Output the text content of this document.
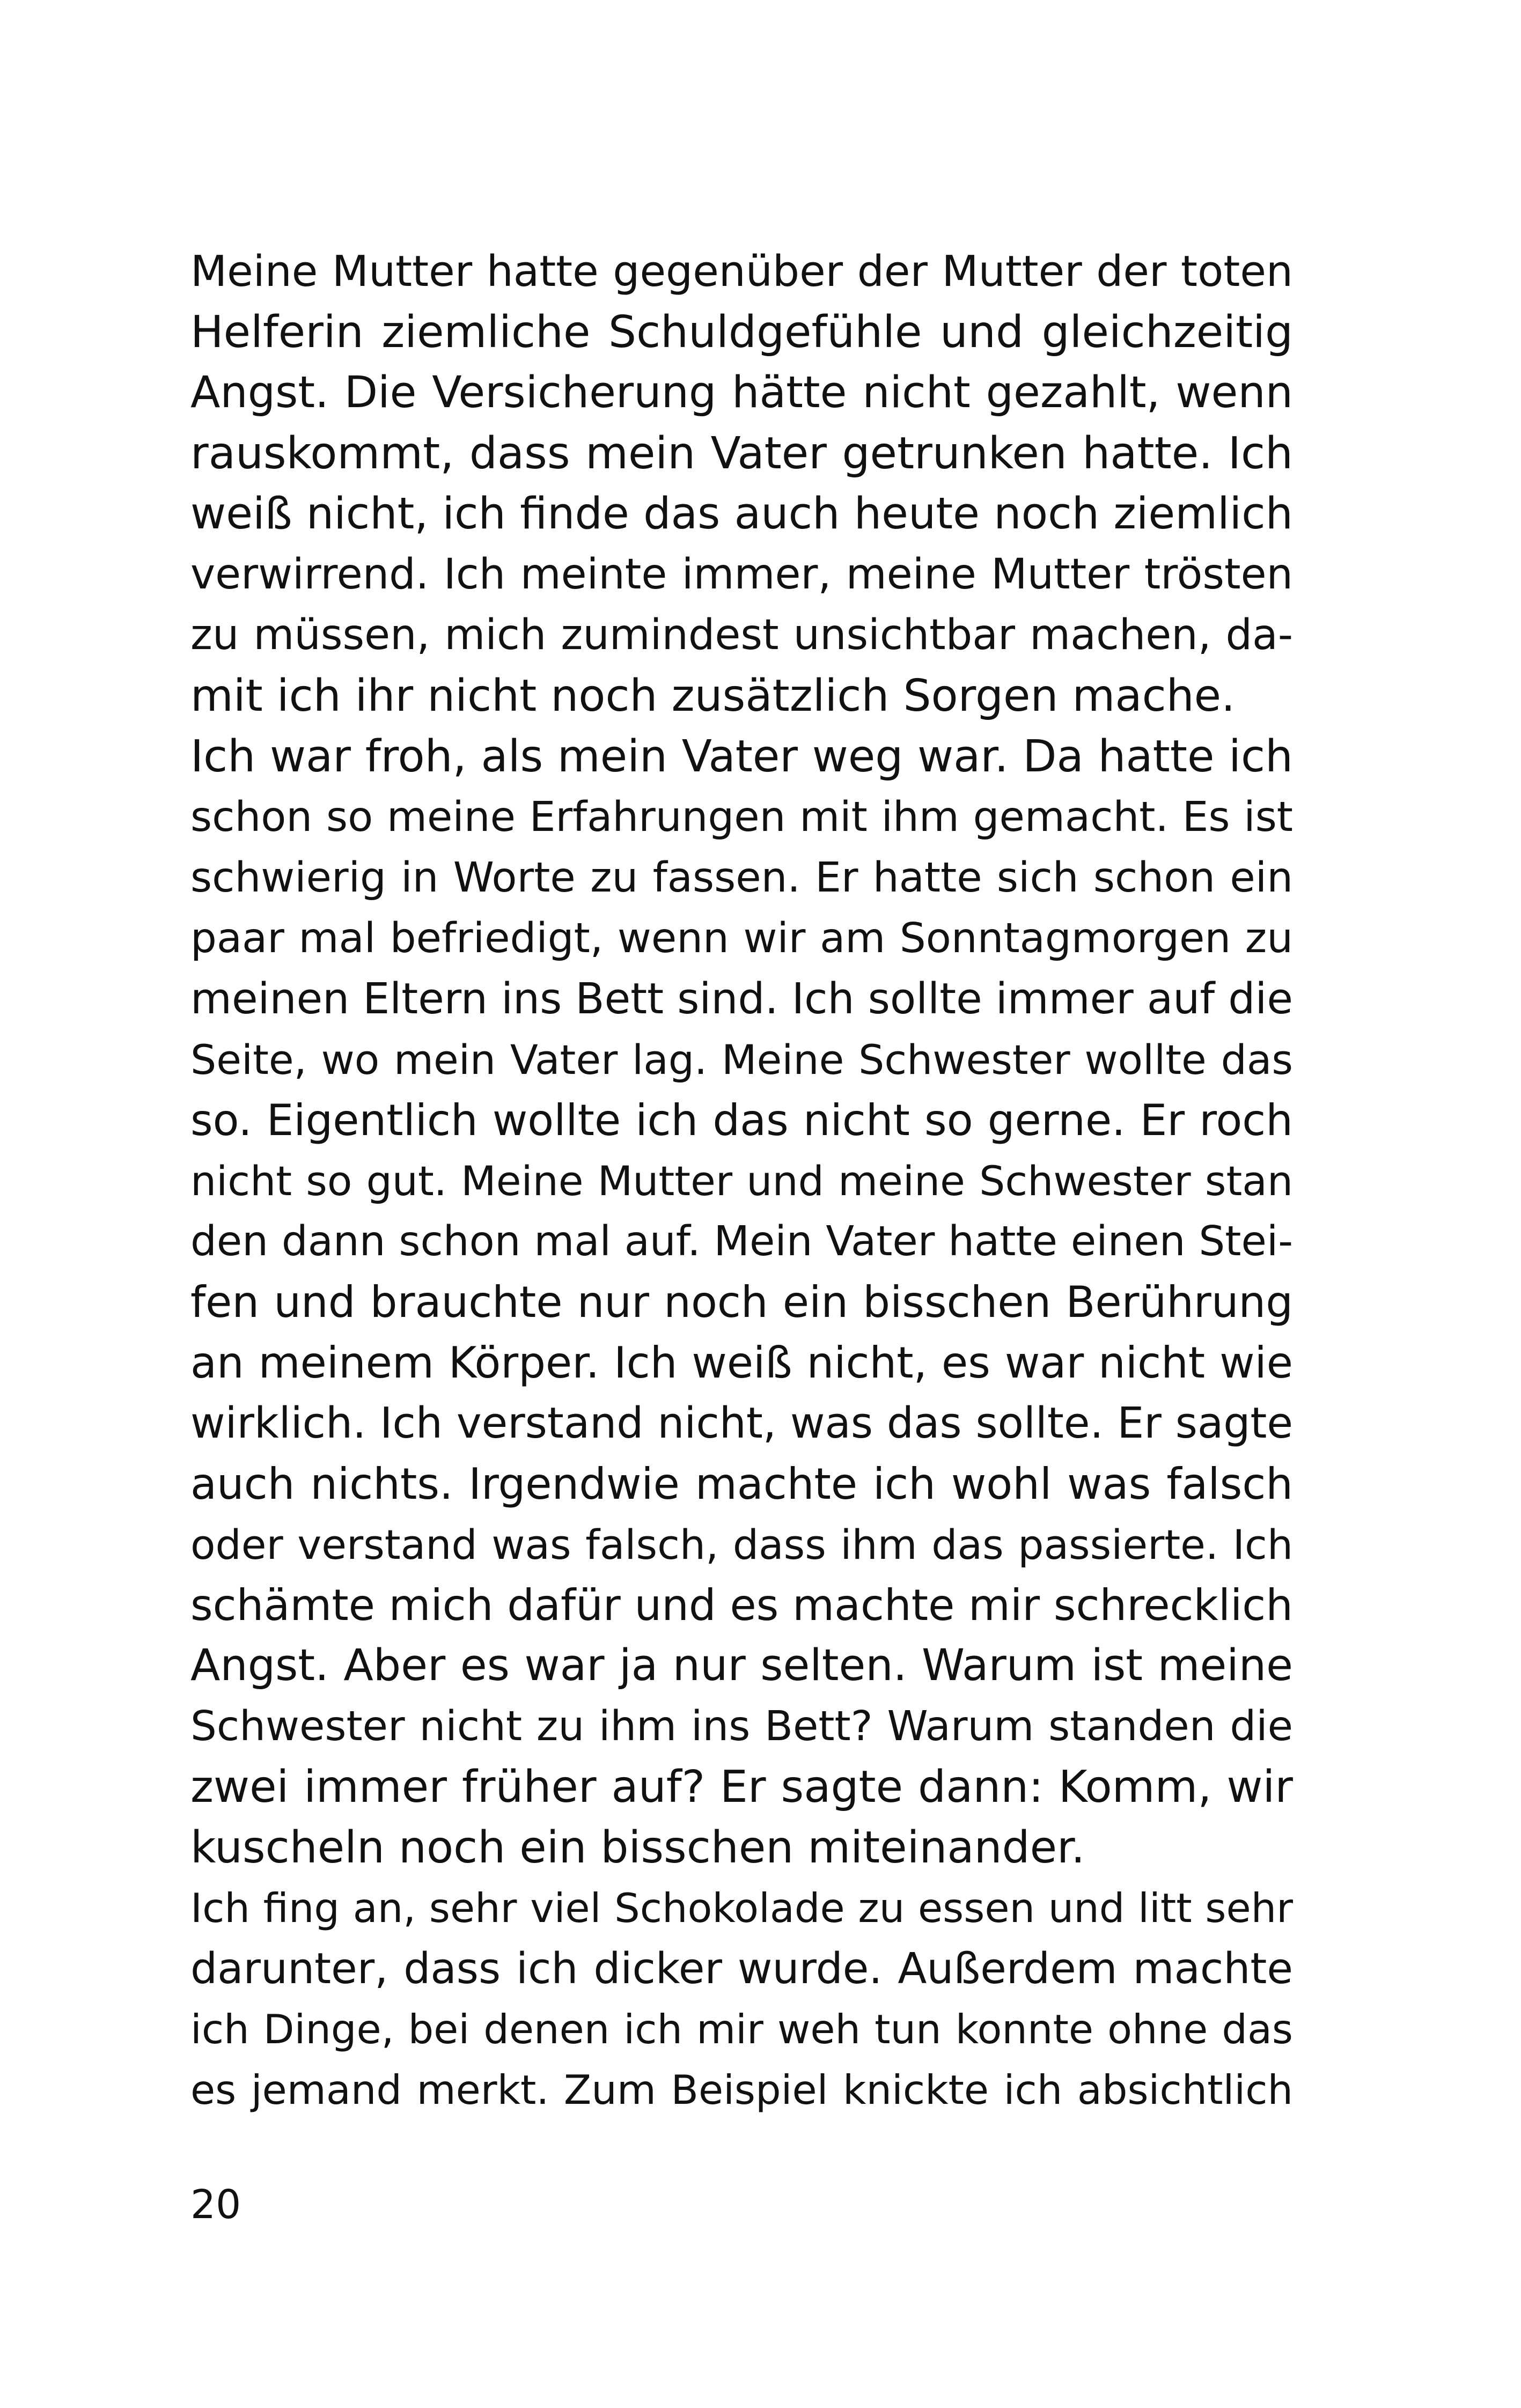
Meine Mutter hatte gegenüber der Mutter der toten
Helferin ziemliche Schuldgefühle und gleichzeitig
Angst. Die Versicherung hätte nicht gezahlt, wenn
rauskommt, dass mein Vater getrunken hatte. Ich
weiß nicht, ich finde das auch heute noch ziemlich
verwirrend. Ich meinte immer, meine Mutter trösten
zu müssen, mich zumindest unsichtbar machen, da-
mit ich ihr nicht noch zusätzlich Sorgen mache.
Ich war froh, als mein Vater weg war. Da hatte ich
schon so meine Erfahrungen mit ihm gemacht. Es ist
schwierig in Worte zu fassen. Er hatte sich schon ein
paar mal befriedigt, wenn wir am Sonntagmorgen zu
meinen Eltern ins Bett sind. Ich sollte immer auf die
Seite, wo mein Vater lag. Meine Schwester wollte das
so. Eigentlich wollte ich das nicht so gerne. Er roch
nicht so gut. Meine Mutter und meine Schwester stan
den dann schon mal auf. Mein Vater hatte einen Stei-
fen und brauchte nur noch ein bisschen Berührung
an meinem Körper. Ich weiß nicht, es war nicht wie
wirklich. Ich verstand nicht, was das sollte. Er sagte
auch nichts. Irgendwie machte ich wohl was falsch
oder verstand was falsch, dass ihm das passierte. Ich
schämte mich dafür und es machte mir schrecklich
Angst. Aber es war ja nur selten. Warum ist meine
Schwester nicht zu ihm ins Bett? Warum standen die
zwei immer früher auf? Er sagte dann: Komm, wir
kuscheln noch ein bisschen miteinander.
Ich fing an, sehr viel Schokolade zu essen und litt sehr
darunter, dass ich dicker wurde. Außerdem machte
ich Dinge, bei denen ich mir weh tun konnte ohne das
es jemand merkt. Zum Beispiel knickte ich absichtlich
20
